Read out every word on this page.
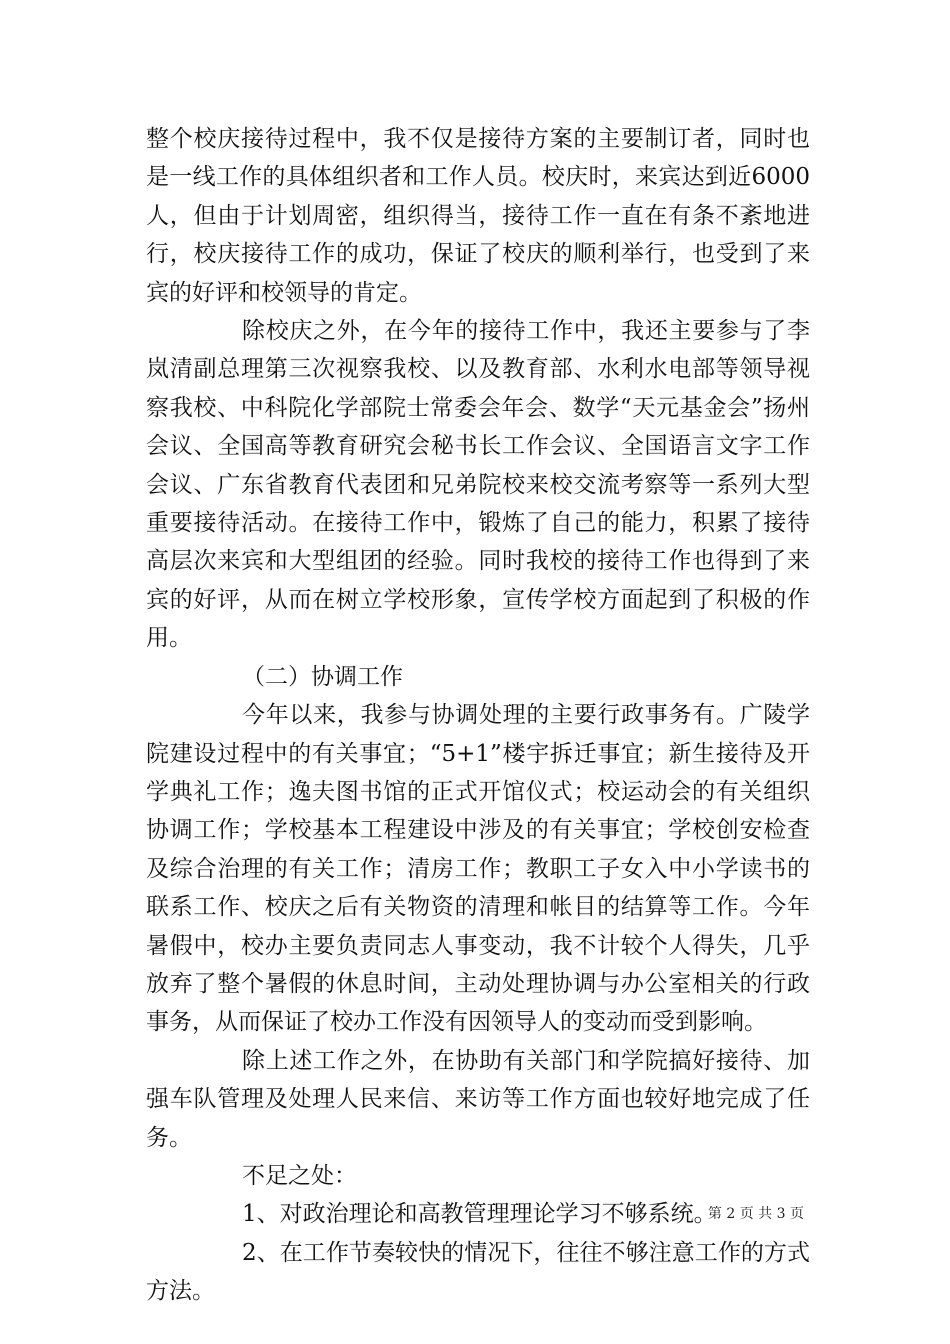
整个校庆接待过程中，我不仅是接待方案的主要制订者，同时也是一线工作的具体组织者和工作人员。校庆时，来宾达到近6000人，但由于计划周密，组织得当，接待工作一直在有条不紊地进行，校庆接待工作的成功，保证了校庆的顺利举行，也受到了来宾的好评和校领导的肯定。

除校庆之外，在今年的接待工作中，我还主要参与了李岚清副总理第三次视察我校、以及教育部、水利水电部等领导视察我校、中科院化学部院士常委会年会、数学“天元基金会”扬州会议、全国高等教育研究会秘书长工作会议、全国语言文字工作会议、广东省教育代表团和兄弟院校来校交流考察等一系列大型重要接待活动。在接待工作中，锻炼了自己的能力，积累了接待高层次来宾和大型组团的经验。同时我校的接待工作也得到了来宾的好评，从而在树立学校形象，宣传学校方面起到了积极的作用。

（二）协调工作

今年以来，我参与协调处理的主要行政事务有。广陵学院建设过程中的有关事宜；“5+1”楼宇拆迁事宜；新生接待及开学典礼工作；逸夫图书馆的正式开馆仪式；校运动会的有关组织协调工作；学校基本工程建设中涉及的有关事宜；学校创安检查及综合治理的有关工作；清房工作；教职工子女入中小学读书的联系工作、校庆之后有关物资的清理和帐目的结算等工作。今年暑假中，校办主要负责同志人事变动，我不计较个人得失，几乎放弃了整个暑假的休息时间，主动处理协调与办公室相关的行政事务，从而保证了校办工作没有因领导人的变动而受到影响。

除上述工作之外，在协助有关部门和学院搞好接待、加强车队管理及处理人民来信、来访等工作方面也较好地完成了任务。

不足之处：

1、对政治理论和高教管理理论学习不够系统。

2、在工作节奏较快的情况下，往往不够注意工作的方式方法。

第 2 页 共 3 页
